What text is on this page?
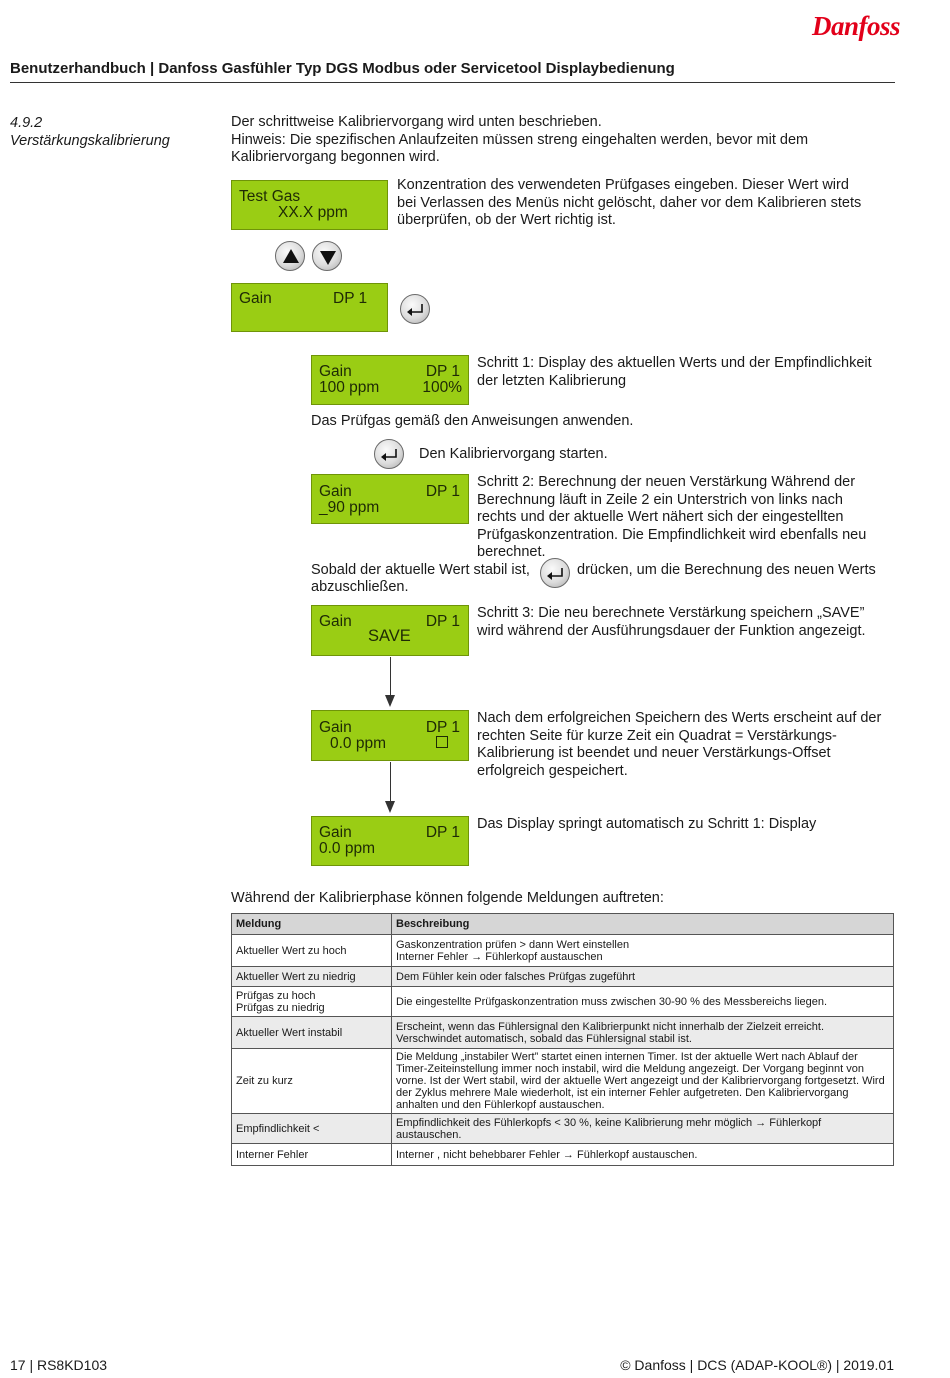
Danfoss
Benutzerhandbuch | Danfoss Gasfühler Typ DGS Modbus oder Servicetool Displaybedienung
4.9.2
Verstärkungskalibrierung

Der schrittweise Kalibriervorgang wird unten beschrieben.

Hinweis: Die spezifischen Anlaufzeiten müssen streng eingehalten werden, bevor mit dem Kalibriervorgang begonnen wird.

Test Gas
XX.X ppm
Konzentration des verwendeten Prüfgases eingeben. Dieser Wert wird bei Verlassen des Menüs nicht gelöscht, daher vor dem Kalibrieren stets überprüfen, ob der Wert richtig ist.
Gain	DP 1
Gain	DP 1
100 ppm	100%
Schritt 1: Display des aktuellen Werts und der Empfindlichkeit der letzten Kalibrierung
Das Prüfgas gemäß den Anweisungen anwenden.
Den Kalibriervorgang starten.
Gain	DP 1
_90 ppm
Schritt 2: Berechnung der neuen Verstärkung Während der Berechnung läuft in Zeile 2 ein Unterstrich von links nach rechts und der aktuelle Wert nähert sich der eingestellten Prüfgaskonzentration. Die Empfindlichkeit wird ebenfalls neu berechnet.
Sobald der aktuelle Wert stabil ist,	drücken, um die Berechnung des neuen Werts
abzuschließen.
Gain	DP 1
SAVE
Schritt 3: Die neu berechnete Verstärkung speichern „SAVE” wird während der Ausführungsdauer der Funktion angezeigt.
Gain	DP 1
0.0 ppm
Nach dem erfolgreichen Speichern des Werts erscheint auf der rechten Seite für kurze Zeit ein Quadrat = Verstärkungs-Kalibrierung ist beendet und neuer Verstärkungs-Offset erfolgreich gespeichert.
Gain	DP 1
0.0 ppm
Das Display springt automatisch zu Schritt 1: Display
Während der Kalibrierphase können folgende Meldungen auftreten:
Meldung	Beschreibung
Aktueller Wert zu hoch	Gaskonzentration prüfen > dann Wert einstellen
Interner Fehler → Fühlerkopf austauschen
Aktueller Wert zu niedrig	Dem Fühler kein oder falsches Prüfgas zugeführt
Prüfgas zu hoch
Prüfgas zu niedrig	Die eingestellte Prüfgaskonzentration muss zwischen 30-90 % des Messbereichs liegen.
Aktueller Wert instabil	Erscheint, wenn das Fühlersignal den Kalibrierpunkt nicht innerhalb der Zielzeit erreicht.
Verschwindet automatisch, sobald das Fühlersignal stabil ist.
Zeit zu kurz	Die Meldung „instabiler Wert” startet einen internen Timer. Ist der aktuelle Wert nach Ablauf der Timer-Zeiteinstellung immer noch instabil, wird die Meldung angezeigt. Der Vorgang beginnt von vorne. Ist der Wert stabil, wird der aktuelle Wert angezeigt und der Kalibriervorgang fortgesetzt. Wird der Zyklus mehrere Male wiederholt, ist ein interner Fehler aufgetreten. Den Kalibriervorgang anhalten und den Fühlerkopf austauschen.
Empfindlichkeit <	Empfindlichkeit des Fühlerkopfs < 30 %, keine Kalibrierung mehr möglich → Fühlerkopf austauschen.
Interner Fehler	Interner , nicht behebbarer Fehler → Fühlerkopf austauschen.
17 | RS8KD103	© Danfoss | DCS (ADAP-KOOL®) | 2019.01
